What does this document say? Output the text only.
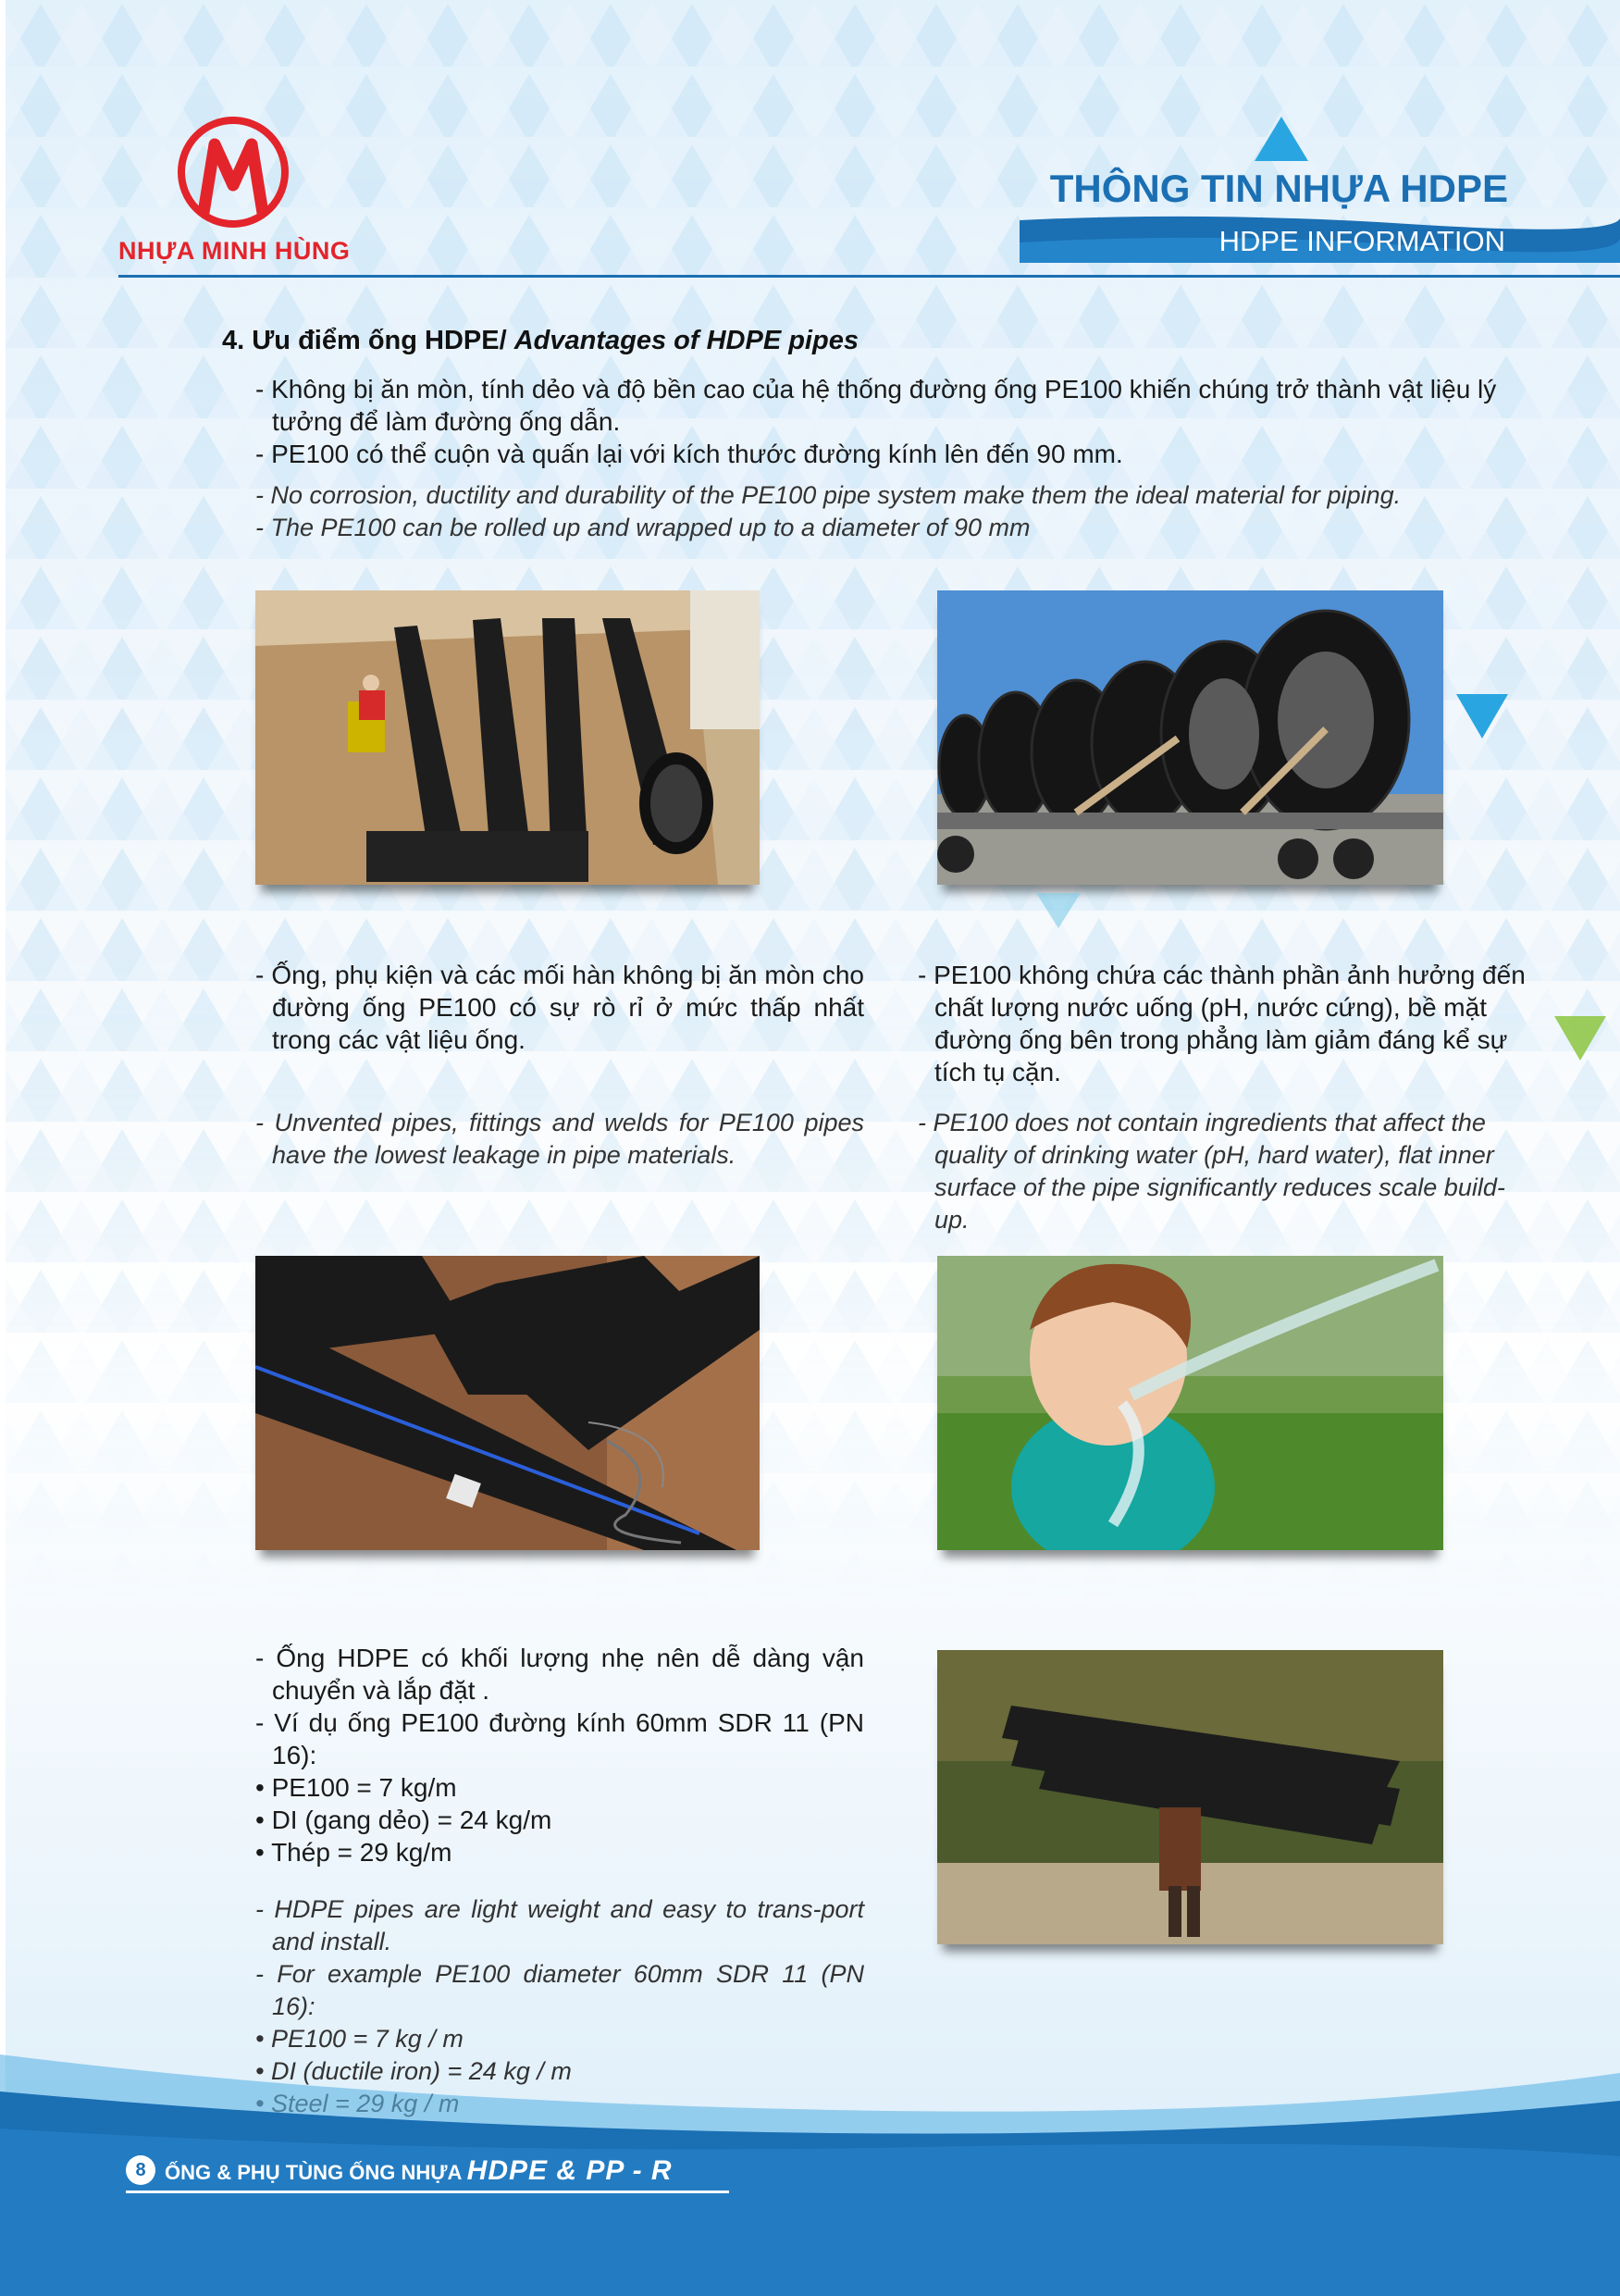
NHỰA MINH HÙNG
THÔNG TIN NHỰA HDPE
HDPE INFORMATION
4. Ưu điểm ống HDPE/ Advantages of HDPE pipes

- Không bị ăn mòn, tính dẻo và độ bền cao của hệ thống đường ống PE100 khiến chúng trở thành vật liệu lý tưởng để làm đường ống dẫn.

- PE100 có thể cuộn và quấn lại với kích thước đường kính lên đến 90 mm.

- No corrosion, ductility and durability of the PE100 pipe system make them the ideal material for piping.

- The PE100 can be rolled up and wrapped up to a diameter of 90 mm

- Ống, phụ kiện và các mối hàn không bị ăn mòn cho đường ống PE100 có sự rò rỉ ở mức thấp nhất trong các vật liệu ống.

- Unvented pipes, fittings and welds for PE100 pipes have the lowest leakage in pipe materials.

- PE100 không chứa các thành phần ảnh hưởng đến chất lượng nước uống (pH, nước cứng), bề mặt đường ống bên trong phẳng làm giảm đáng kể sự tích tụ cặn.

- PE100 does not contain ingredients that affect the quality of drinking water (pH, hard water), flat inner surface of the pipe significantly reduces scale build-up.

- Ống HDPE có khối lượng nhẹ nên dễ dàng vận chuyển và lắp đặt .

- Ví dụ ống PE100 đường kính 60mm SDR 11 (PN 16):

• PE100 = 7 kg/m

• DI (gang dẻo) = 24 kg/m

• Thép = 29 kg/m

- HDPE pipes are light weight and easy to trans-port and install.

- For example PE100 diameter 60mm SDR 11 (PN 16):

• PE100 = 7 kg / m

• DI (ductile iron) = 24 kg / m

8 ỐNG & PHỤ TÙNG ỐNG NHỰA HDPE & PP - R
